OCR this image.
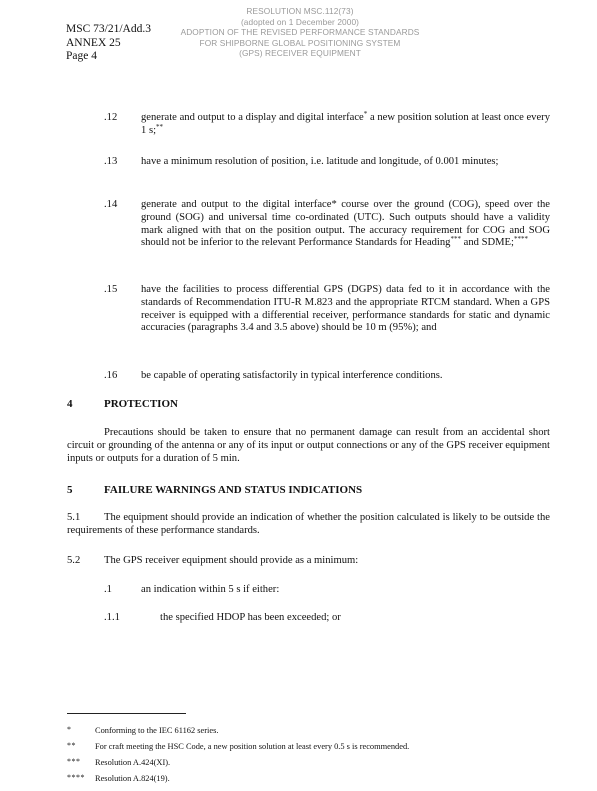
MSC 73/21/Add.3
ANNEX 25
Page 4
RESOLUTION MSC.112(73)
(adopted on 1 December 2000)
ADOPTION OF THE REVISED PERFORMANCE STANDARDS
FOR SHIPBORNE GLOBAL POSITIONING SYSTEM
(GPS) RECEIVER EQUIPMENT
.12 generate and output to a display and digital interface* a new position solution at least once every 1 s;**
.13 have a minimum resolution of position, i.e. latitude and longitude, of 0.001 minutes;
.14 generate and output to the digital interface* course over the ground (COG), speed over the ground (SOG) and universal time co-ordinated (UTC). Such outputs should have a validity mark aligned with that on the position output. The accuracy requirement for COG and SOG should not be inferior to the relevant Performance Standards for Heading*** and SDME;****
.15 have the facilities to process differential GPS (DGPS) data fed to it in accordance with the standards of Recommendation ITU-R M.823 and the appropriate RTCM standard. When a GPS receiver is equipped with a differential receiver, performance standards for static and dynamic accuracies (paragraphs 3.4 and 3.5 above) should be 10 m (95%); and
.16 be capable of operating satisfactorily in typical interference conditions.
4	PROTECTION
Precautions should be taken to ensure that no permanent damage can result from an accidental short circuit or grounding of the antenna or any of its input or output connections or any of the GPS receiver equipment inputs or outputs for a duration of 5 min.
5	FAILURE WARNINGS AND STATUS INDICATIONS
5.1 The equipment should provide an indication of whether the position calculated is likely to be outside the requirements of these performance standards.
5.2 The GPS receiver equipment should provide as a minimum:
.1	an indication within 5 s if either:
.1.1	the specified HDOP has been exceeded; or
*	Conforming to the IEC 61162 series.
** For craft meeting the HSC Code, a new position solution at least every 0.5 s is recommended.
*** Resolution A.424(XI).
**** Resolution A.824(19).
